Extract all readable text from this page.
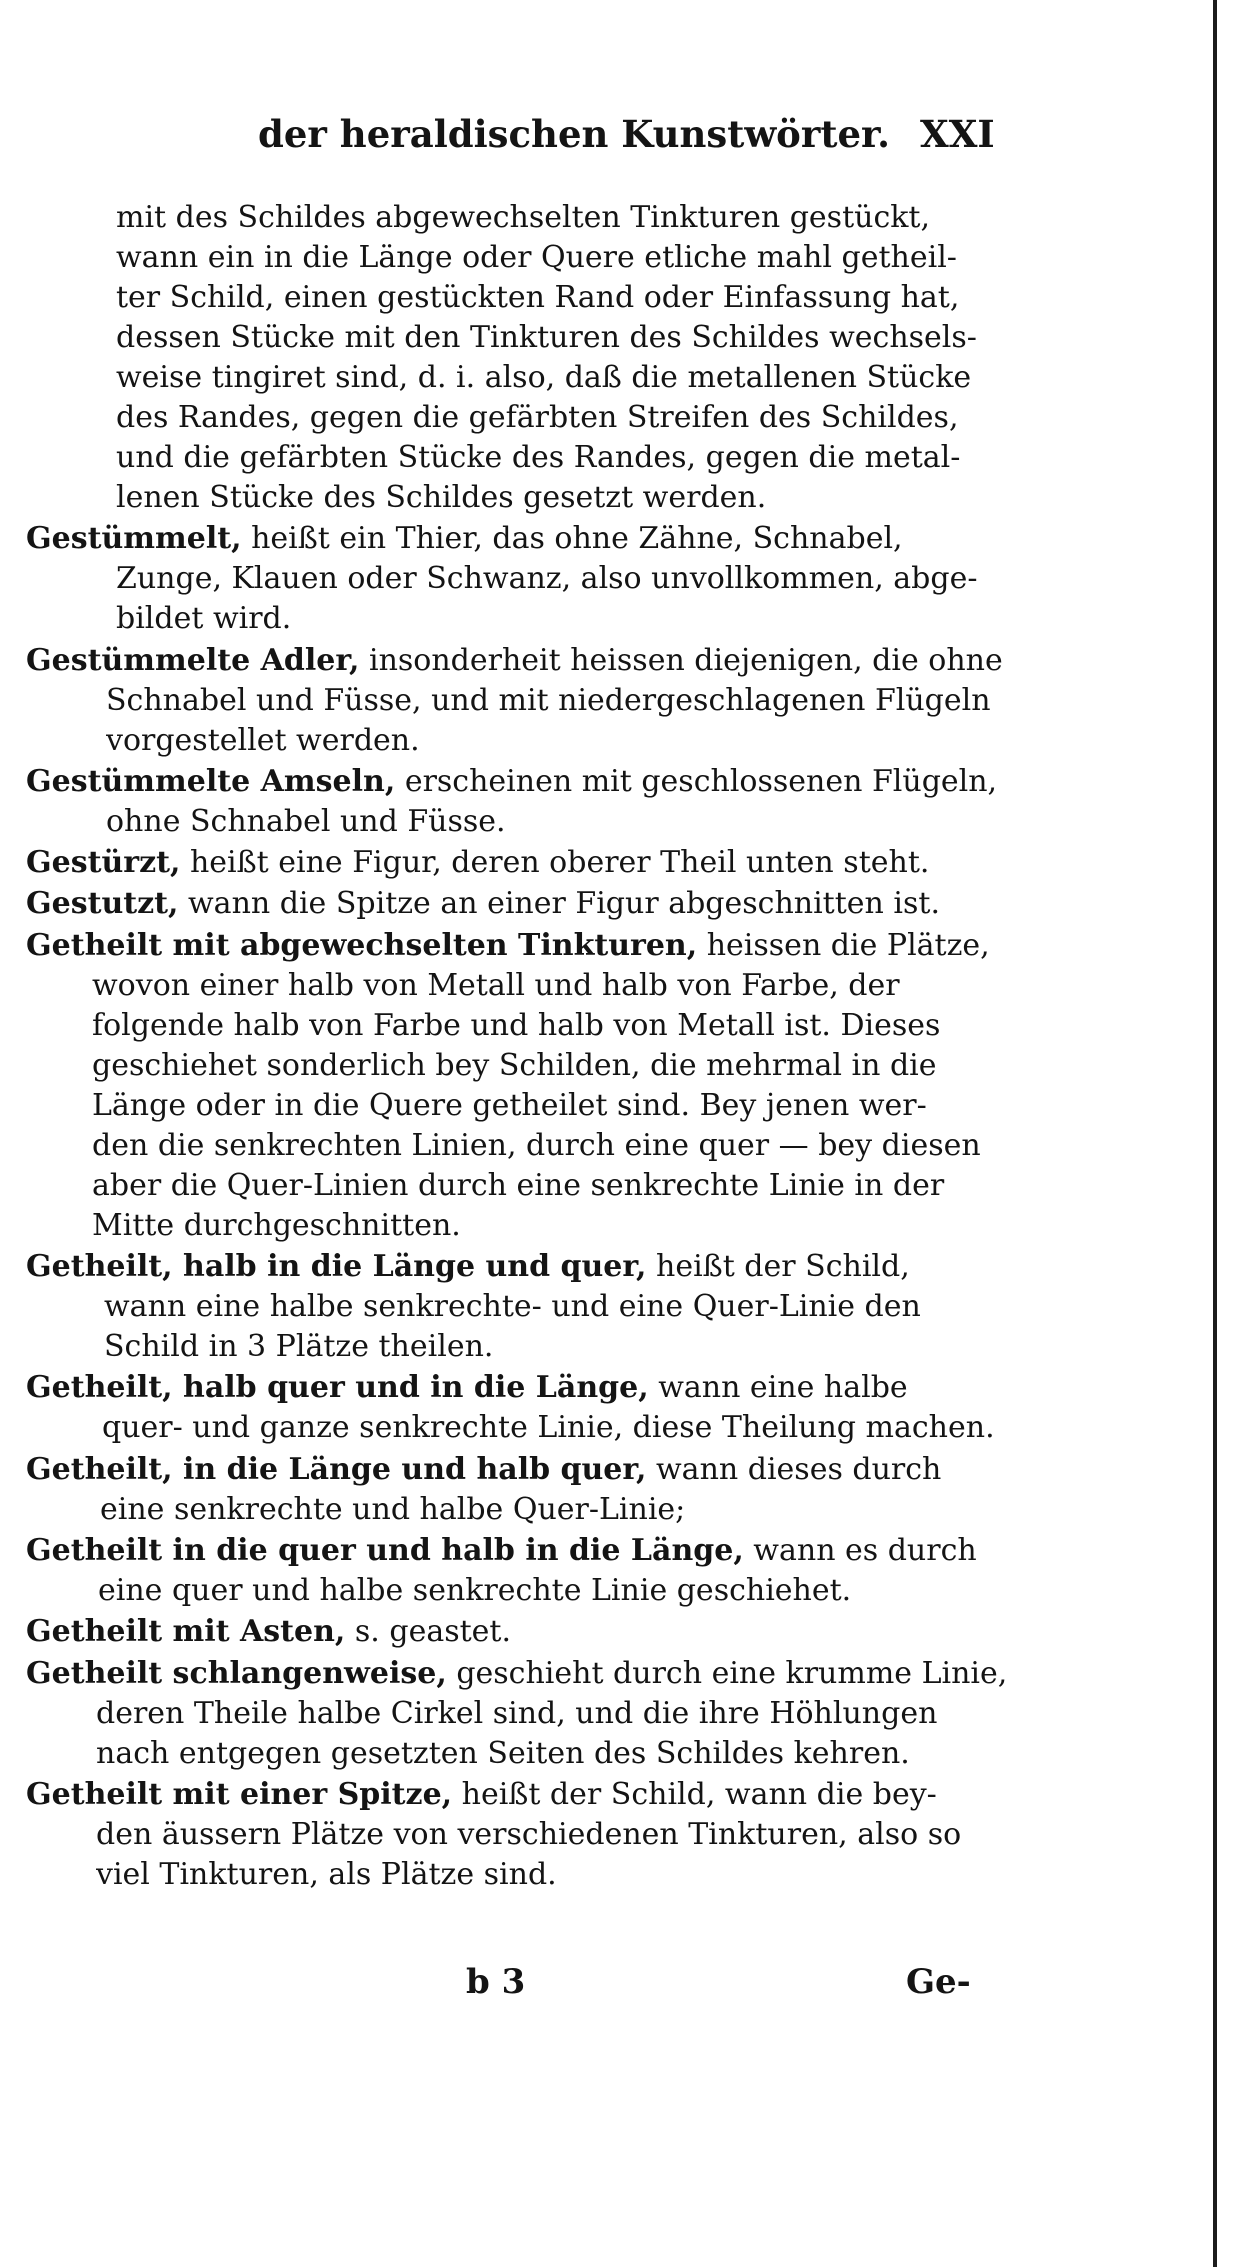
der heraldischen Kunstwörter. XXI
mit des Schildes abgewechselten Tinkturen gestückt,
wann ein in die Länge oder Quere etliche mahl getheil-
ter Schild, einen gestückten Rand oder Einfassung hat,
dessen Stücke mit den Tinkturen des Schildes wechsels-
weise tingiret sind, d. i. also, daß die metallenen Stücke
des Randes, gegen die gefärbten Streifen des Schildes,
und die gefärbten Stücke des Randes, gegen die metal-
lenen Stücke des Schildes gesetzt werden.
Gestümmelt, heißt ein Thier, das ohne Zähne, Schnabel,
Zunge, Klauen oder Schwanz, also unvollkommen, abge-
bildet wird.
Gestümmelte Adler, insonderheit heissen diejenigen, die ohne
Schnabel und Füsse, und mit niedergeschlagenen Flügeln
vorgestellet werden.
Gestümmelte Amseln, erscheinen mit geschlossenen Flügeln,
ohne Schnabel und Füsse.
Gestürzt, heißt eine Figur, deren oberer Theil unten steht.
Gestutzt, wann die Spitze an einer Figur abgeschnitten ist.
Getheilt mit abgewechselten Tinkturen, heissen die Plätze,
wovon einer halb von Metall und halb von Farbe, der
folgende halb von Farbe und halb von Metall ist. Dieses
geschiehet sonderlich bey Schilden, die mehrmal in die
Länge oder in die Quere getheilet sind. Bey jenen wer-
den die senkrechten Linien, durch eine quer — bey diesen
aber die Quer-Linien durch eine senkrechte Linie in der
Mitte durchgeschnitten.
Getheilt, halb in die Länge und quer, heißt der Schild,
wann eine halbe senkrechte- und eine Quer-Linie den
Schild in 3 Plätze theilen.
Getheilt, halb quer und in die Länge, wann eine halbe
quer- und ganze senkrechte Linie, diese Theilung machen.
Getheilt, in die Länge und halb quer, wann dieses durch
eine senkrechte und halbe Quer-Linie;
Getheilt in die quer und halb in die Länge, wann es durch
eine quer und halbe senkrechte Linie geschiehet.
Getheilt mit Asten, s. geastet.
Getheilt schlangenweise, geschieht durch eine krumme Linie,
deren Theile halbe Cirkel sind, und die ihre Höhlungen
nach entgegen gesetzten Seiten des Schildes kehren.
Getheilt mit einer Spitze, heißt der Schild, wann die bey-
den äussern Plätze von verschiedenen Tinkturen, also so
viel Tinkturen, als Plätze sind.
b 3	Ge-
